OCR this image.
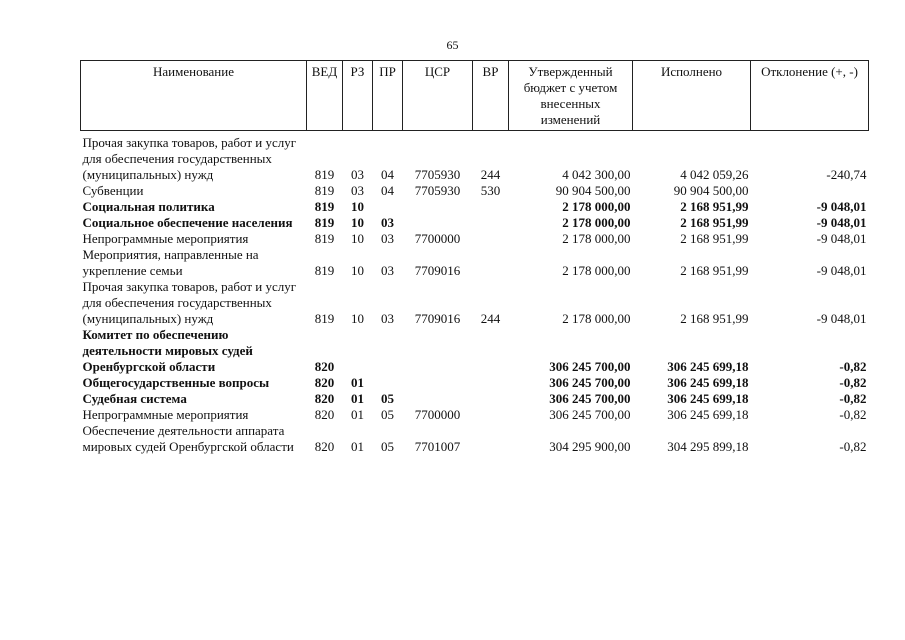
65
Наименование	ВЕД	РЗ	ПР	ЦСР	ВР	Утвержденный бюджет с учетом внесенных изменений	Исполнено	Отклонение (+, -)

Прочая закупка товаров, работ и услуг для обеспечения государственных (муниципальных) нужд	819	03	04	7705930	244	4 042 300,00	4 042 059,26	-240,74
Субвенции	819	03	04	7705930	530	90 904 500,00	90 904 500,00	
Социальная политика	819	10				2 178 000,00	2 168 951,99	-9 048,01
Социальное обеспечение населения	819	10	03			2 178 000,00	2 168 951,99	-9 048,01
Непрограммные мероприятия	819	10	03	7700000		2 178 000,00	2 168 951,99	-9 048,01
Мероприятия, направленные на укрепление семьи	819	10	03	7709016		2 178 000,00	2 168 951,99	-9 048,01
Прочая закупка товаров, работ и услуг для обеспечения государственных (муниципальных) нужд	819	10	03	7709016	244	2 178 000,00	2 168 951,99	-9 048,01
Комитет по обеспечению деятельности мировых судей Оренбургской области	820					306 245 700,00	306 245 699,18	-0,82
Общегосударственные вопросы	820	01				306 245 700,00	306 245 699,18	-0,82
Судебная система	820	01	05			306 245 700,00	306 245 699,18	-0,82
Непрограммные мероприятия	820	01	05	7700000		306 245 700,00	306 245 699,18	-0,82
Обеспечение деятельности аппарата мировых судей Оренбургской области	820	01	05	7701007		304 295 900,00	304 295 899,18	-0,82
